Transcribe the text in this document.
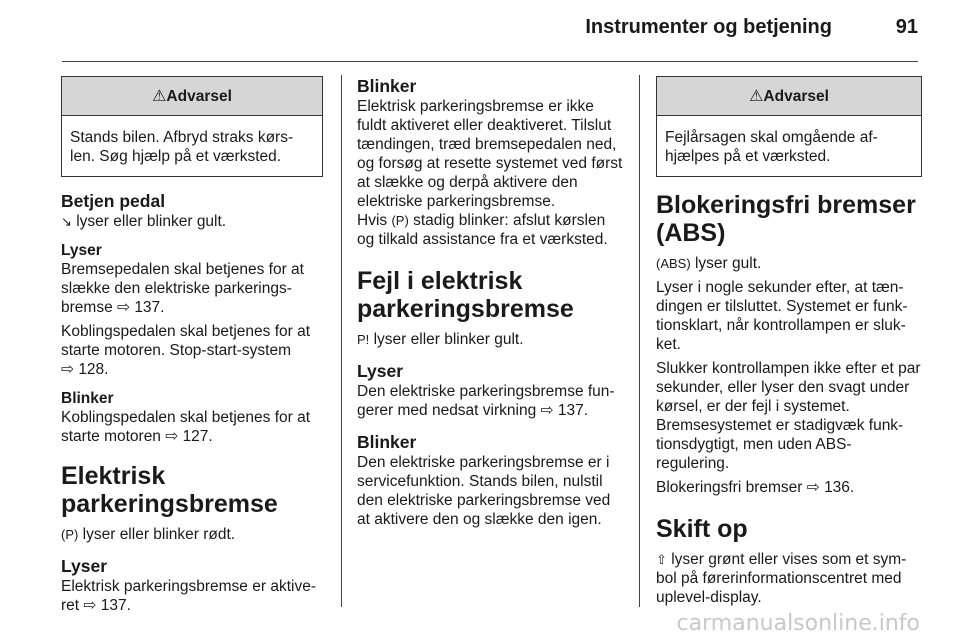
Instrumenter og betjening	91
⚠Advarsel
Stands bilen. Afbryd straks kørs-len. Søg hjælp på et værksted.
Betjen pedal

↘ lyser eller blinker gult.

Lyser

Bremsepedalen skal betjenes for at slække den elektriske parkerings-bremse ⇨ 137.

Koblingspedalen skal betjenes for at starte motoren. Stop-start-system
⇨ 128.

Blinker

Koblingspedalen skal betjenes for at starte motoren ⇨ 127.

Elektrisk parkeringsbremse

(P) lyser eller blinker rødt.

Lyser

Elektrisk parkeringsbremse er aktive-ret ⇨ 137.

Blinker

Elektrisk parkeringsbremse er ikke fuldt aktiveret eller deaktiveret. Tilslut tændingen, træd bremsepedalen ned, og forsøg at resette systemet ved først at slække og derpå aktivere den elektriske parkeringsbremse.

Hvis (P) stadig blinker: afslut kørslen og tilkald assistance fra et værksted.

Fejl i elektrisk parkeringsbremse

P! lyser eller blinker gult.

Lyser

Den elektriske parkeringsbremse fun-gerer med nedsat virkning ⇨ 137.

Blinker

Den elektriske parkeringsbremse er i servicefunktion. Stands bilen, nulstil den elektriske parkeringsbremse ved at aktivere den og slække den igen.

⚠Advarsel
Fejlårsagen skal omgående af-hjælpes på et værksted.
Blokeringsfri bremser (ABS)

(ABS) lyser gult.

Lyser i nogle sekunder efter, at tæn-dingen er tilsluttet. Systemet er funk-tionsklart, når kontrollampen er sluk-ket.

Slukker kontrollampen ikke efter et par sekunder, eller lyser den svagt under kørsel, er der fejl i systemet. Bremsesystemet er stadigvæk funk-tionsdygtigt, men uden ABS-regulering.

Blokeringsfri bremser ⇨ 136.

Skift op

⇧ lyser grønt eller vises som et sym-bol på førerinformationscentret med uplevel-display.

carmanualsonline.info
